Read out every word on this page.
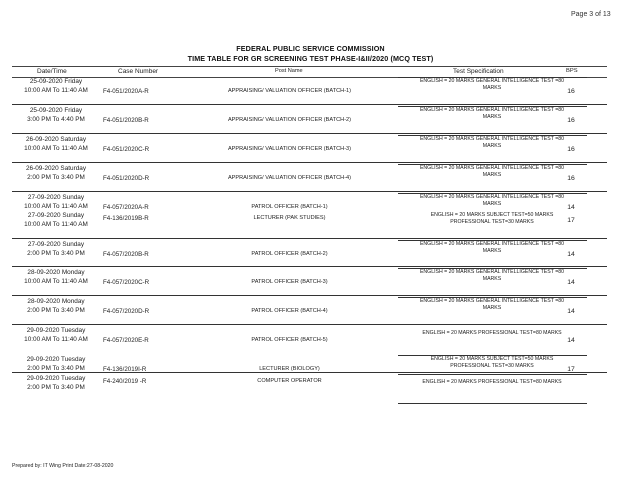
Page 3 of 13
FEDERAL PUBLIC SERVICE COMMISSION
TIME TABLE FOR GR SCREENING TEST PHASE-I&II/2020 (MCQ TEST)
Date/Time	Case Number	Post Name	Test Specification	BPS
25-09-2020 Friday
10:00 AM To 11:40 AM	F4-051/2020A-R	APPRAISING/ VALUATION OFFICER (BATCH-1)
ENGLISH = 20 MARKS GENERAL INTELLIGENCE TEST =80
MARKS	16
25-09-2020 Friday
3:00 PM To 4:40 PM	F4-051/2020B-R	APPRAISING/ VALUATION OFFICER (BATCH-2)
ENGLISH = 20 MARKS GENERAL INTELLIGENCE TEST =80
MARKS	16
26-09-2020 Saturday
10:00 AM To 11:40 AM	F4-051/2020C-R	APPRAISING/ VALUATION OFFICER (BATCH-3)
ENGLISH = 20 MARKS GENERAL INTELLIGENCE TEST =80
MARKS	16
26-09-2020 Saturday
2:00 PM To 3:40 PM	F4-051/2020D-R	APPRAISING/ VALUATION OFFICER (BATCH-4)
ENGLISH = 20 MARKS GENERAL INTELLIGENCE TEST =80
MARKS	16
27-09-2020 Sunday
10:00 AM To 11:40 AM	F4-057/2020A-R	PATROL OFFICER (BATCH-1)
ENGLISH = 20 MARKS GENERAL INTELLIGENCE TEST =80
MARKS	14
27-09-2020 Sunday
10:00 AM To 11:40 AM
F4-136/2019B-R	LECTURER (PAK STUDIES)	ENGLISH = 20 MARKS SUBJECT TEST=50 MARKS
PROFESSIONAL TEST=30 MARKS	17
27-09-2020 Sunday
2:00 PM To 3:40 PM	F4-057/2020B-R	PATROL OFFICER (BATCH-2)
ENGLISH = 20 MARKS GENERAL INTELLIGENCE TEST =80
MARKS	14
28-09-2020 Monday
10:00 AM To 11:40 AM	F4-057/2020C-R	PATROL OFFICER (BATCH-3)
ENGLISH = 20 MARKS GENERAL INTELLIGENCE TEST =80
MARKS	14
28-09-2020 Monday
2:00 PM To 3:40 PM	F4-057/2020D-R	PATROL OFFICER (BATCH-4)
ENGLISH = 20 MARKS GENERAL INTELLIGENCE TEST =80
MARKS	14
29-09-2020 Tuesday
10:00 AM To 11:40 AM	F4-057/2020E-R	PATROL OFFICER (BATCH-5)
ENGLISH = 20 MARKS PROFESSIONAL TEST=80 MARKS
14
29-09-2020 Tuesday
2:00 PM To 3:40 PM	F4-136/2019I-R	LECTURER (BIOLOGY)
ENGLISH = 20 MARKS SUBJECT TEST=50 MARKS
PROFESSIONAL TEST=30 MARKS	17
29-09-2020 Tuesday
2:00 PM To 3:40 PM
F4-240/2019 -R	COMPUTER OPERATOR	ENGLISH = 20 MARKS PROFESSIONAL TEST=80 MARKS
Prepared by: IT Wing Print Date:27-08-2020
